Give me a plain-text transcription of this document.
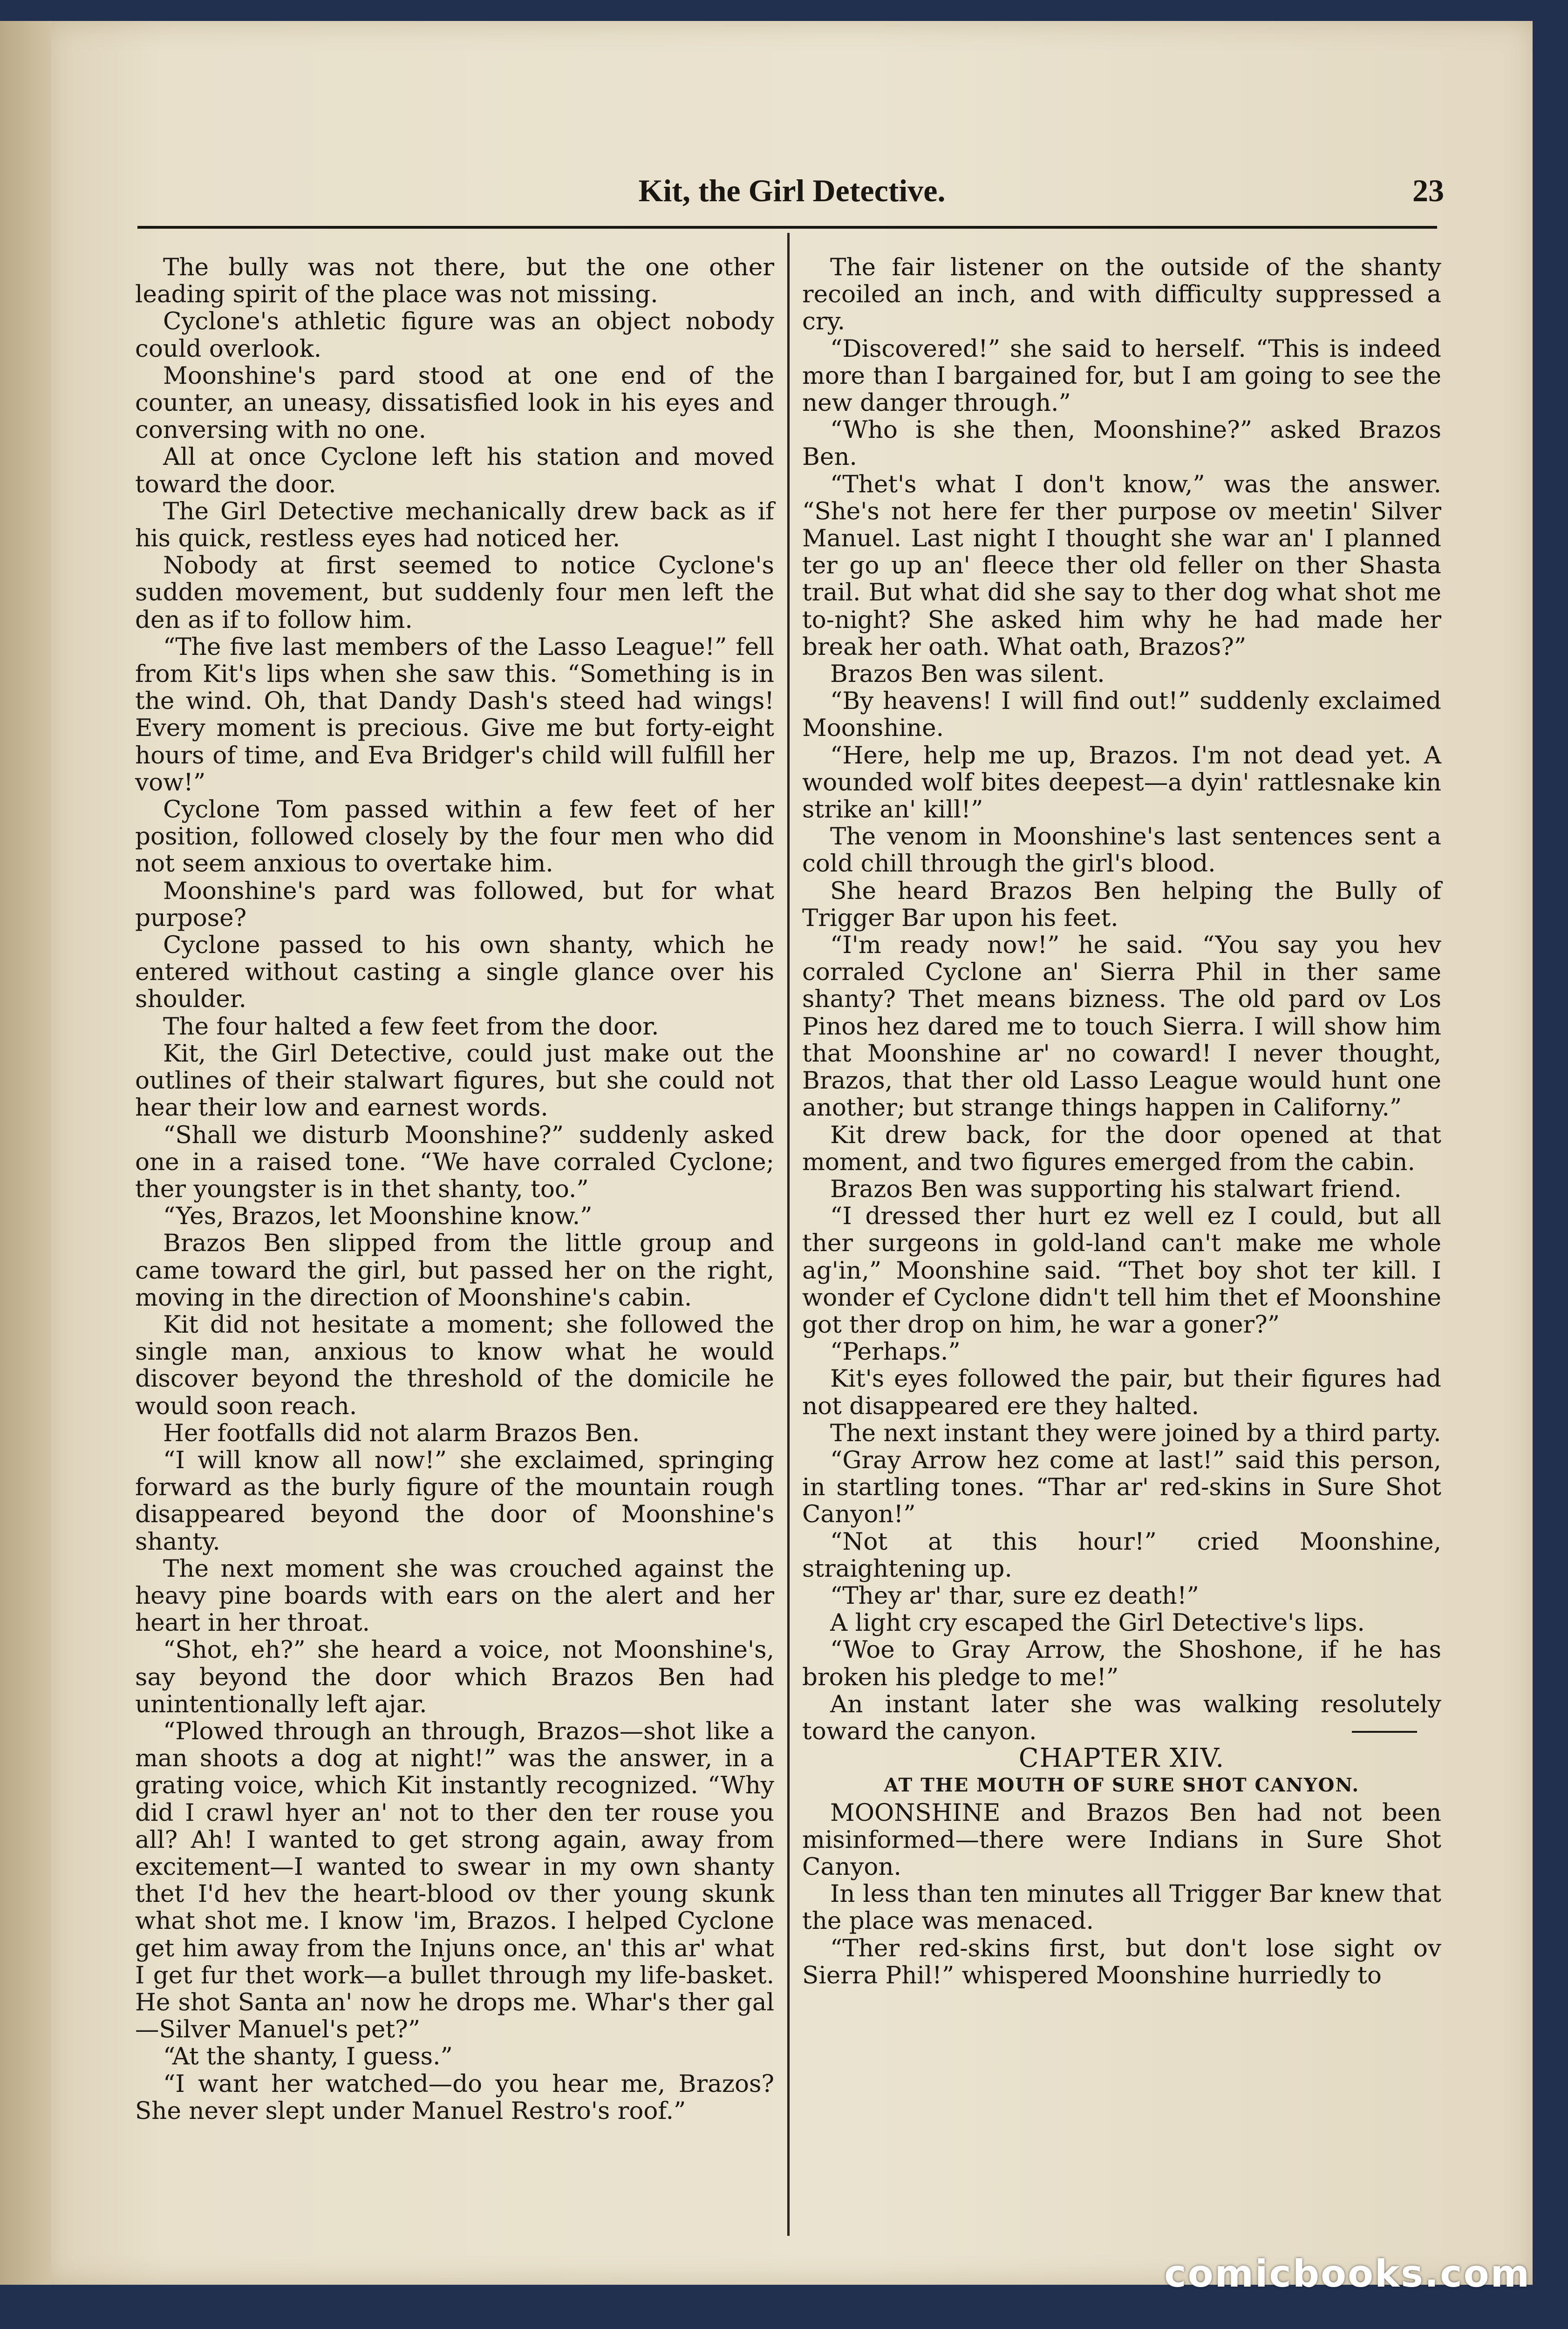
Kit, the Girl Detective.	23

The bully was not there, but the one other leading spirit of the place was not missing.

Cyclone's athletic figure was an object nobody could overlook.

Moonshine's pard stood at one end of the counter, an uneasy, dissatisfied look in his eyes and conversing with no one.

All at once Cyclone left his station and moved toward the door.

The Girl Detective mechanically drew back as if his quick, restless eyes had noticed her.

Nobody at first seemed to notice Cyclone's sudden movement, but suddenly four men left the den as if to follow him.

“The five last members of the Lasso League!” fell from Kit's lips when she saw this. “Something is in the wind. Oh, that Dandy Dash's steed had wings! Every moment is precious. Give me but forty-eight hours of time, and Eva Bridger's child will fulfill her vow!”

Cyclone Tom passed within a few feet of her position, followed closely by the four men who did not seem anxious to overtake him.

Moonshine's pard was followed, but for what purpose?

Cyclone passed to his own shanty, which he entered without casting a single glance over his shoulder.

The four halted a few feet from the door.

Kit, the Girl Detective, could just make out the outlines of their stalwart figures, but she could not hear their low and earnest words.

“Shall we disturb Moonshine?” suddenly asked one in a raised tone. “We have corraled Cyclone; ther youngster is in thet shanty, too.”

“Yes, Brazos, let Moonshine know.”

Brazos Ben slipped from the little group and came toward the girl, but passed her on the right, moving in the direction of Moonshine's cabin.

Kit did not hesitate a moment; she followed the single man, anxious to know what he would discover beyond the threshold of the domicile he would soon reach.

Her footfalls did not alarm Brazos Ben.

“I will know all now!” she exclaimed, springing forward as the burly figure of the mountain rough disappeared beyond the door of Moonshine's shanty.

The next moment she was crouched against the heavy pine boards with ears on the alert and her heart in her throat.

“Shot, eh?” she heard a voice, not Moonshine's, say beyond the door which Brazos Ben had unintentionally left ajar.

“Plowed through an through, Brazos—shot like a man shoots a dog at night!” was the answer, in a grating voice, which Kit instantly recognized. “Why did I crawl hyer an' not to ther den ter rouse you all? Ah! I wanted to get strong again, away from excitement—I wanted to swear in my own shanty thet I'd hev the heart-blood ov ther young skunk what shot me. I know 'im, Brazos. I helped Cyclone get him away from the Injuns once, an' this ar' what I get fur thet work—a bullet through my life-basket. He shot Santa an' now he drops me. Whar's ther gal—Silver Manuel's pet?”

“At the shanty, I guess.”

“I want her watched—do you hear me, Brazos? She never slept under Manuel Restro's roof.”

The fair listener on the outside of the shanty recoiled an inch, and with difficulty suppressed a cry.

“Discovered!” she said to herself. “This is indeed more than I bargained for, but I am going to see the new danger through.”

“Who is she then, Moonshine?” asked Brazos Ben.

“Thet's what I don't know,” was the answer. “She's not here fer ther purpose ov meetin' Silver Manuel. Last night I thought she war an' I planned ter go up an' fleece ther old feller on ther Shasta trail. But what did she say to ther dog what shot me to-night? She asked him why he had made her break her oath. What oath, Brazos?”

Brazos Ben was silent.

“By heavens! I will find out!” suddenly exclaimed Moonshine.

“Here, help me up, Brazos. I'm not dead yet. A wounded wolf bites deepest—a dyin' rattlesnake kin strike an' kill!”

The venom in Moonshine's last sentences sent a cold chill through the girl's blood.

She heard Brazos Ben helping the Bully of Trigger Bar upon his feet.

“I'm ready now!” he said. “You say you hev corraled Cyclone an' Sierra Phil in ther same shanty? Thet means bizness. The old pard ov Los Pinos hez dared me to touch Sierra. I will show him that Moonshine ar' no coward! I never thought, Brazos, that ther old Lasso League would hunt one another; but strange things happen in Californy.”

Kit drew back, for the door opened at that moment, and two figures emerged from the cabin.

Brazos Ben was supporting his stalwart friend.

“I dressed ther hurt ez well ez I could, but all ther surgeons in gold-land can't make me whole ag'in,” Moonshine said. “Thet boy shot ter kill. I wonder ef Cyclone didn't tell him thet ef Moonshine got ther drop on him, he war a goner?”

“Perhaps.”

Kit's eyes followed the pair, but their figures had not disappeared ere they halted.

The next instant they were joined by a third party.

“Gray Arrow hez come at last!” said this person, in startling tones. “Thar ar' red-skins in Sure Shot Canyon!”

“Not at this hour!” cried Moonshine, straightening up.

“They ar' thar, sure ez death!”

A light cry escaped the Girl Detective's lips.

“Woe to Gray Arrow, the Shoshone, if he has broken his pledge to me!”

An instant later she was walking resolutely toward the canyon.

CHAPTER XIV.

AT THE MOUTH OF SURE SHOT CANYON.

MOONSHINE and Brazos Ben had not been misinformed—there were Indians in Sure Shot Canyon.

In less than ten minutes all Trigger Bar knew that the place was menaced.

“Ther red-skins first, but don't lose sight ov Sierra Phil!” whispered Moonshine hurriedly to

comicbooks.com
